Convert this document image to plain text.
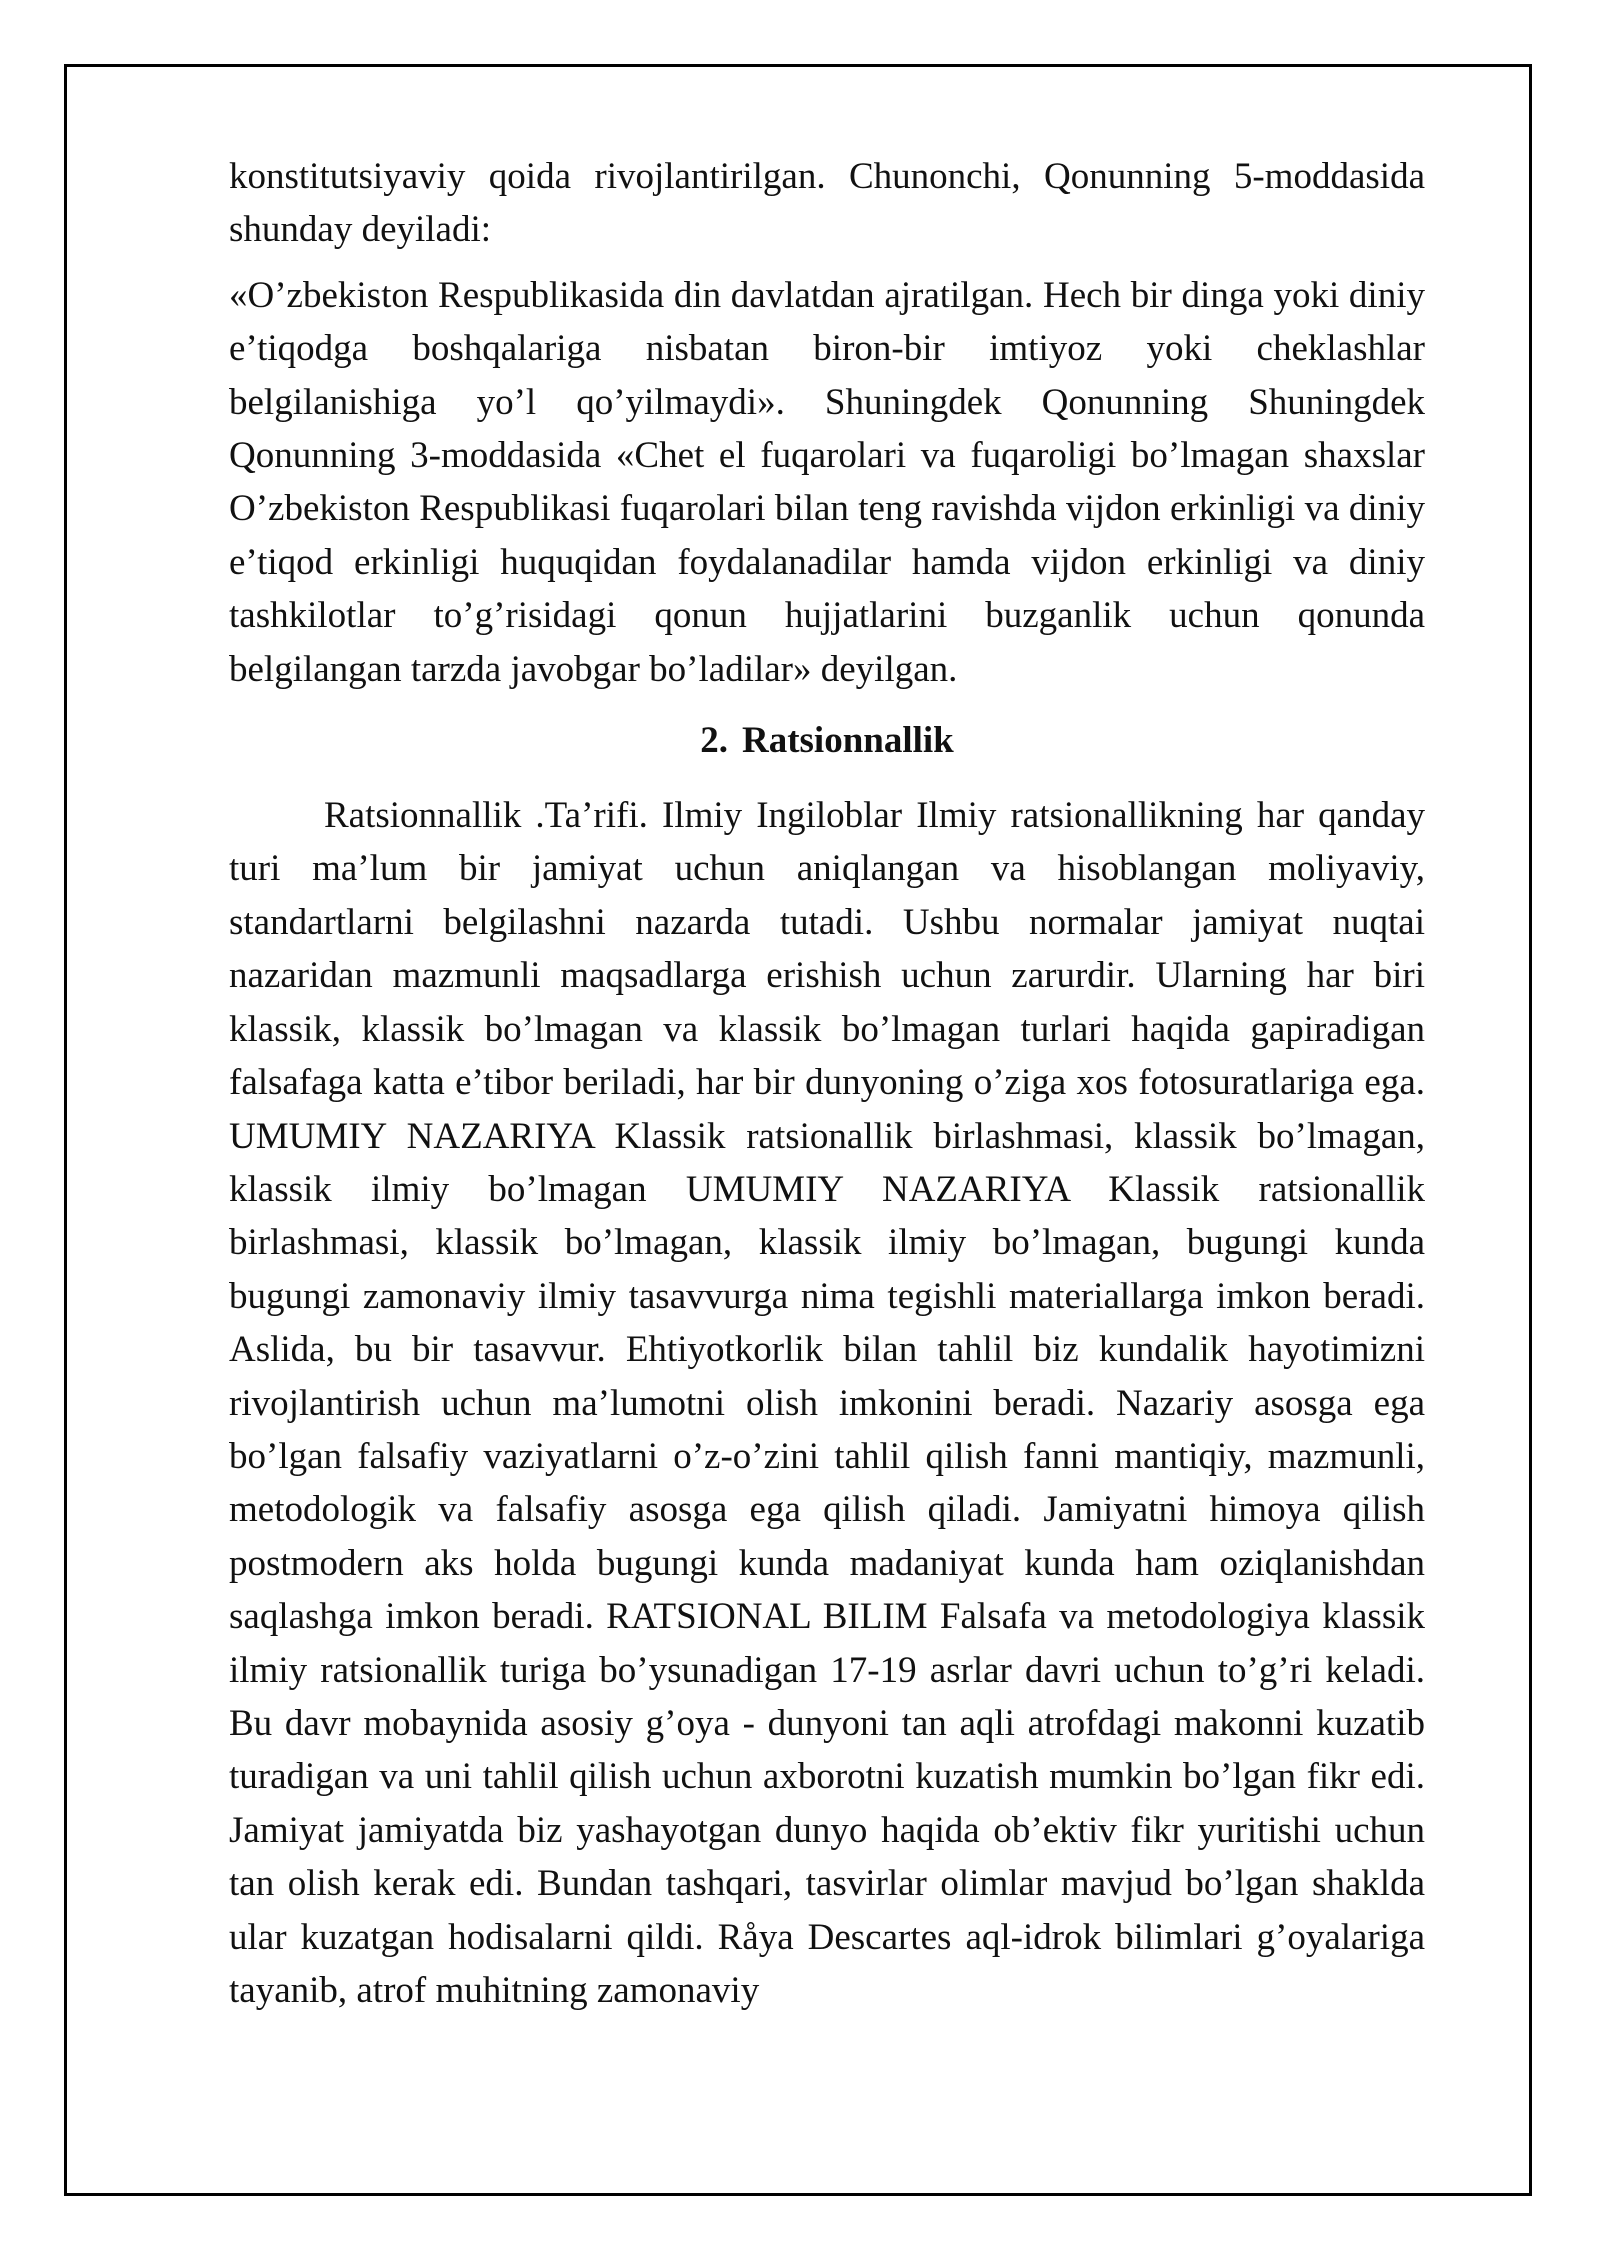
konstitutsiyaviy qoida rivojlantirilgan. Chunonchi, Qonunning 5-moddasida shunday deyiladi:

«O’zbekiston Respublikasida din davlatdan ajratilgan. Hech bir dinga yoki diniy e’tiqodga boshqalariga nisbatan biron-bir imtiyoz yoki cheklashlar belgilanishiga yo’l qo’yilmaydi». Shuningdek Qonunning Shuningdek Qonunning 3-moddasida «Chet el fuqarolari va fuqaroligi bo’lmagan shaxslar O’zbekiston Respublikasi fuqarolari bilan teng ravishda vijdon erkinligi va diniy e’tiqod erkinligi huquqidan foydalanadilar hamda vijdon erkinligi va diniy tashkilotlar to’g’risidagi qonun hujjatlarini buzganlik uchun qonunda belgilangan tarzda javobgar bo’ladilar» deyilgan.

2. Ratsionnallik

Ratsionnallik .Ta’rifi. Ilmiy Ingiloblar Ilmiy ratsionallikning har qanday turi ma’lum bir jamiyat uchun aniqlangan va hisoblangan moliyaviy, standartlarni belgilashni nazarda tutadi. Ushbu normalar jamiyat nuqtai nazaridan mazmunli maqsadlarga erishish uchun zarurdir. Ularning har biri klassik, klassik bo’lmagan va klassik bo’lmagan turlari haqida gapiradigan falsafaga katta e’tibor beriladi, har bir dunyoning o’ziga xos fotosuratlariga ega. UMUMIY NAZARIYA Klassik ratsionallik birlashmasi, klassik bo’lmagan, klassik ilmiy bo’lmagan UMUMIY NAZARIYA Klassik ratsionallik birlashmasi, klassik bo’lmagan, klassik ilmiy bo’lmagan, bugungi kunda bugungi zamonaviy ilmiy tasavvurga nima tegishli materiallarga imkon beradi. Aslida, bu bir tasavvur. Ehtiyotkorlik bilan tahlil biz kundalik hayotimizni rivojlantirish uchun ma’lumotni olish imkonini beradi. Nazariy asosga ega bo’lgan falsafiy vaziyatlarni o’z-o’zini tahlil qilish fanni mantiqiy, mazmunli, metodologik va falsafiy asosga ega qilish qiladi. Jamiyatni himoya qilish postmodern aks holda bugungi kunda madaniyat kunda ham oziqlanishdan saqlashga imkon beradi. RATSIONAL BILIM Falsafa va metodologiya klassik ilmiy ratsionallik turiga bo’ysunadigan 17-19 asrlar davri uchun to’g’ri keladi. Bu davr mobaynida asosiy g’oya - dunyoni tan aqli atrofdagi makonni kuzatib turadigan va uni tahlil qilish uchun axborotni kuzatish mumkin bo’lgan fikr edi. Jamiyat jamiyatda biz yashayotgan dunyo haqida ob’ektiv fikr yuritishi uchun tan olish kerak edi. Bundan tashqari, tasvirlar olimlar mavjud bo’lgan shaklda ular kuzatgan hodisalarni qildi. Råya Descartes aql-idrok bilimlari g’oyalariga tayanib, atrof muhitning zamonaviy
